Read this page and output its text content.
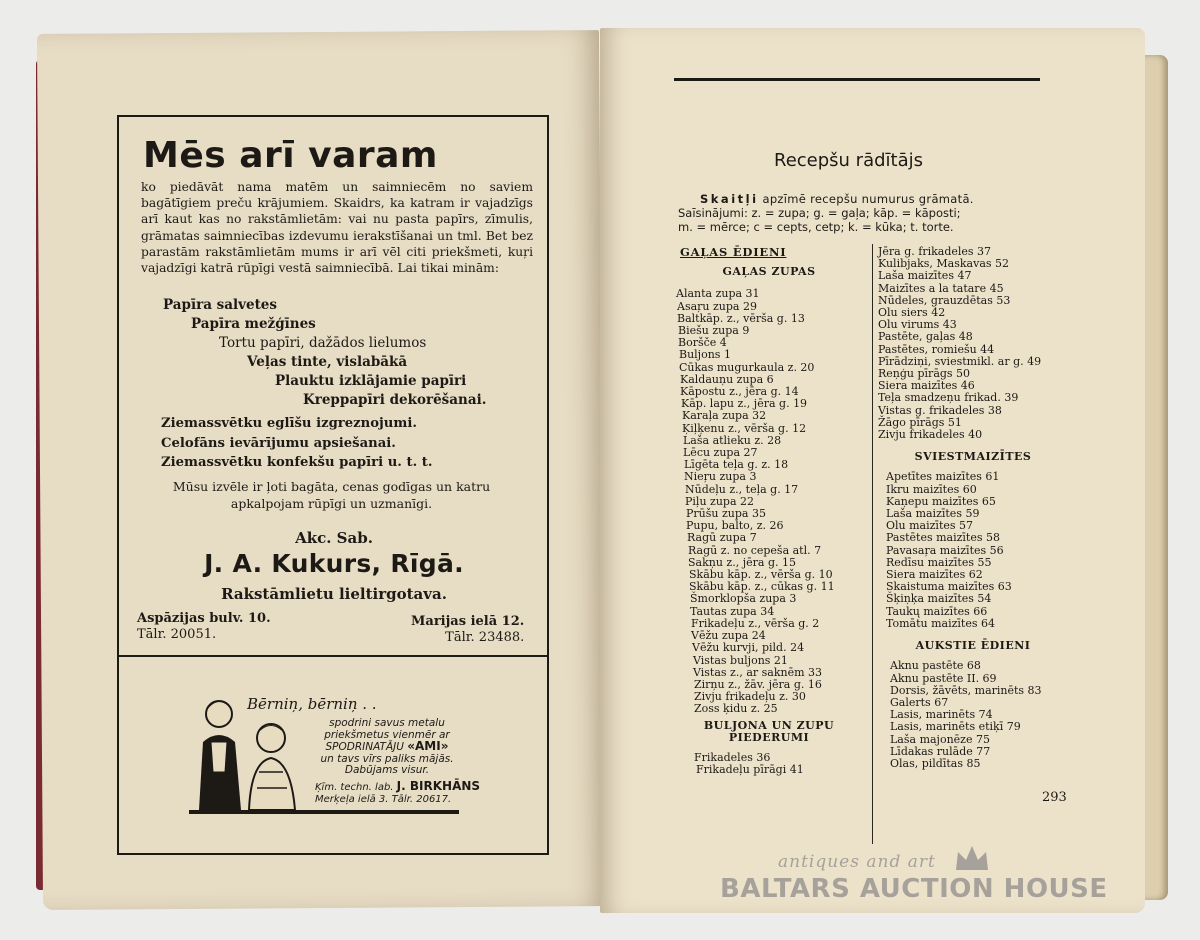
Mēs arī varam
ko piedāvāt nama matēm un saimniecēm no saviem bagātīgiem preču krājumiem. Skaidrs, ka katram ir vajadzīgs arī kaut kas no rakstāmlietām: vai nu pasta papīrs, zīmulis, grāmatas saimniecības izdevumu ierakstīšanai un tml. Bet bez parastām rakstāmlietām mums ir arī vēl citi priekšmeti, kuŗi vajadzīgi katrā rūpīgi vestā saimniecībā. Lai tikai minām:
Papīra salvetes
Papīra mežģīnes
Tortu papīri, dažādos lielumos
Veļas tinte, vislabākā
Plauktu izklājamie papīri
Kreppapīri dekorēšanai.
Ziemassvētku eglīšu izgreznojumi.
Celofāns ievārījumu apsiešanai.
Ziemassvētku konfekšu papīri u. t. t.
Mūsu izvēle ir ļoti bagāta, cenas godīgas un katru apkalpojam rūpīgi un uzmanīgi.
Akc. Sab.
J. A. Kukurs, Rīgā.
Rakstāmlietu lieltirgotava.
Aspāzijas bulv. 10.
Tālr. 20051.
Marijas ielā 12.
Tālr. 23488.
Bērniņ, bērniņ . .
spodrini savus metalu
priekšmetus vienmēr ar
SPODRINATĀJU «AMI»
un tavs vīrs paliks mājās.
Dabūjams visur.
Ķīm. techn. lab. J. BIRKHĀNS
Merķeļa ielā 3. Tālr. 20617.
Recepšu rādītājs
Skaitļi apzīmē recepšu numurus grāmatā.
Saīsinājumi: z. = zupa; g. = gaļa; kāp. = kāposti;
m. = mērce; c = cepts, cetp; k. = kūka; t. torte.
GAĻAS ĒDIENI
GAĻAS ZUPAS
Alanta zupa 31
Asaŗu zupa 29
Baltkāp. z., vērša g. 13
Biešu zupa 9
Boršče 4
Buljons 1
Cūkas mugurkaula z. 20
Kaldauņu zupa 6
Kāpostu z., jēra g. 14
Kāp. lapu z., jēra g. 19
Karaļa zupa 32
Ķiļķenu z., vērša g. 12
Laša atlieku z. 28
Lēcu zupa 27
Līgēta teļa g. z. 18
Nieŗu zupa 3
Nūdeļu z., teļa g. 17
Piļu zupa 22
Prūšu zupa 35
Pupu, balto, z. 26
Ragū zupa 7
Ragū z. no cepeša atl. 7
Sakņu z., jēra g. 15
Skābu kāp. z., vērša g. 10
Skābu kāp. z., cūkas g. 11
Šmorklopša zupa 3
Tautas zupa 34
Frikadeļu z., vērša g. 2
Vēžu zupa 24
Vēžu kurvji, pild. 24
Vistas buljons 21
Vistas z., ar saknēm 33
Zirņu z., žāv. jēra g. 16
Zivju frikadeļu z. 30
Zoss ķidu z. 25
BULJONA UN ZUPU
PIEDERUMI
Frikadeles 36
Frikadeļu pīrāgi 41
Jēra g. frikadeles 37
Kulibjaks, Maskavas 52
Laša maizītes 47
Maizītes a la tatare 45
Nūdeles, grauzdētas 53
Olu siers 42
Olu virums 43
Pastēte, gaļas 48
Pastētes, romiešu 44
Pīrādziņi, sviestmikl. ar g. 49
Reņģu pīrāgs 50
Siera maizītes 46
Teļa smadzeņu frikad. 39
Vistas g. frikadeles 38
Žāgo pīrāgs 51
Zivju frikadeles 40
SVIESTMAIZĪTES
Apetītes maizītes 61
Ikru maizītes 60
Kaņepu maizītes 65
Laša maizītes 59
Olu maizītes 57
Pastētes maizītes 58
Pavasaŗa maizītes 56
Redīsu maizītes 55
Siera maizītes 62
Skaistuma maizītes 63
Šķiņķa maizītes 54
Taukų maizītes 66
Tomātu maizītes 64
AUKSTIE ĒDIENI
Aknu pastēte 68
Aknu pastēte II. 69
Dorsis, žāvēts, marinēts 83
Galerts 67
Lasis, marinēts 74
Lasis, marinēts etiķī 79
Laša majonēze 75
Līdakas rulāde 77
Olas, pildītas 85
293
antiques and art
BALTARS AUCTION HOUSE
